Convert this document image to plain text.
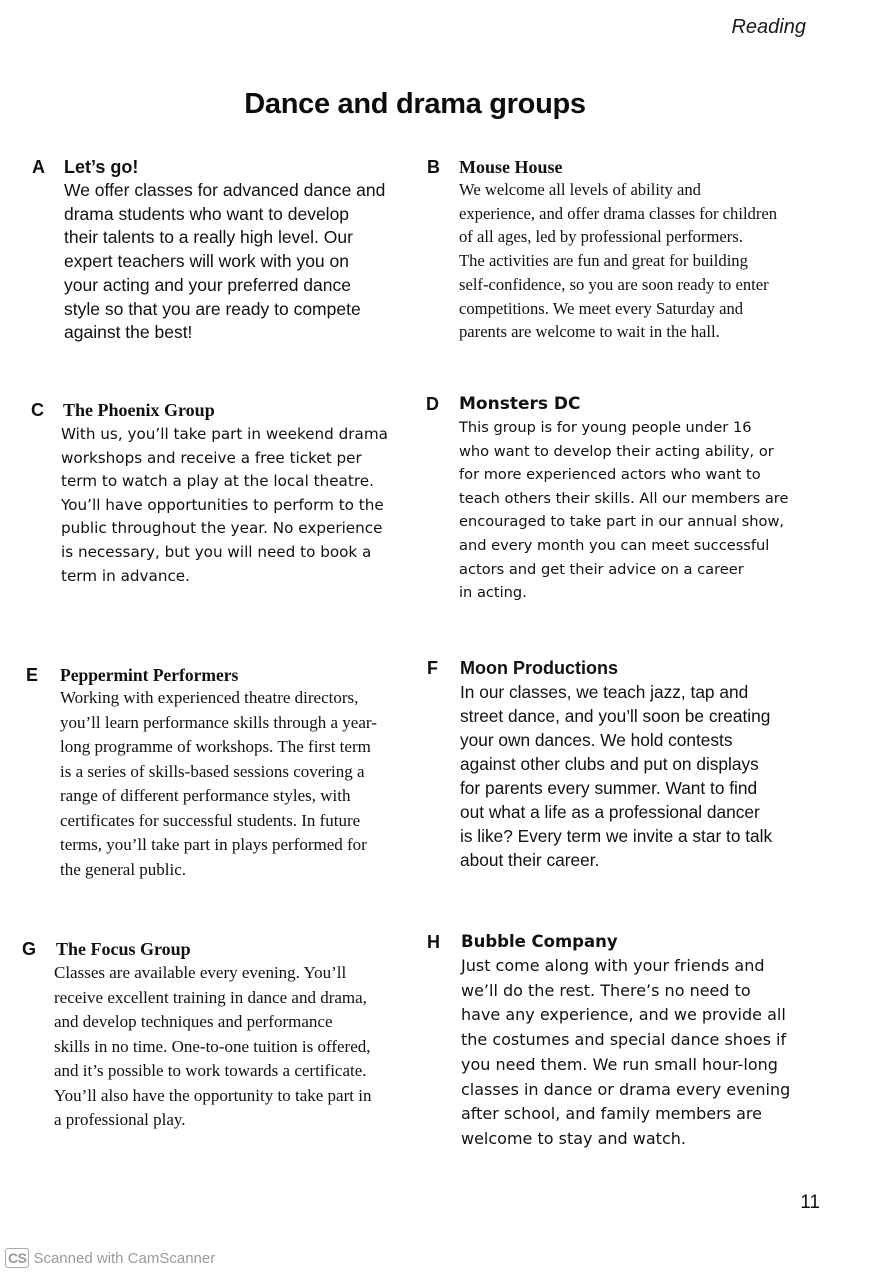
Reading
Dance and drama groups
A Let’s go!
We offer classes for advanced dance and
drama students who want to develop
their talents to a really high level. Our
expert teachers will work with you on
your acting and your preferred dance
style so that you are ready to compete
against the best!
B Mouse House
We welcome all levels of ability and
experience, and offer drama classes for children
of all ages, led by professional performers.
The activities are fun and great for building
self-confidence, so you are soon ready to enter
competitions. We meet every Saturday and
parents are welcome to wait in the hall.
C The Phoenix Group
With us, you’ll take part in weekend drama
workshops and receive a free ticket per
term to watch a play at the local theatre.
You’ll have opportunities to perform to the
public throughout the year. No experience
is necessary, but you will need to book a
term in advance.
D Monsters DC
This group is for young people under 16
who want to develop their acting ability, or
for more experienced actors who want to
teach others their skills. All our members are
encouraged to take part in our annual show,
and every month you can meet successful
actors and get their advice on a career
in acting.
E Peppermint Performers
Working with experienced theatre directors,
you’ll learn performance skills through a year-
long programme of workshops. The first term
is a series of skills-based sessions covering a
range of different performance styles, with
certificates for successful students. In future
terms, you’ll take part in plays performed for
the general public.
F Moon Productions
In our classes, we teach jazz, tap and
street dance, and you’ll soon be creating
your own dances. We hold contests
against other clubs and put on displays
for parents every summer. Want to find
out what a life as a professional dancer
is like? Every term we invite a star to talk
about their career.
G The Focus Group
Classes are available every evening. You’ll
receive excellent training in dance and drama,
and develop techniques and performance
skills in no time. One-to-one tuition is offered,
and it’s possible to work towards a certificate.
You’ll also have the opportunity to take part in
a professional play.
H Bubble Company
Just come along with your friends and
we’ll do the rest. There’s no need to
have any experience, and we provide all
the costumes and special dance shoes if
you need them. We run small hour-long
classes in dance or drama every evening
after school, and family members are
welcome to stay and watch.
11
CS Scanned with CamScanner
